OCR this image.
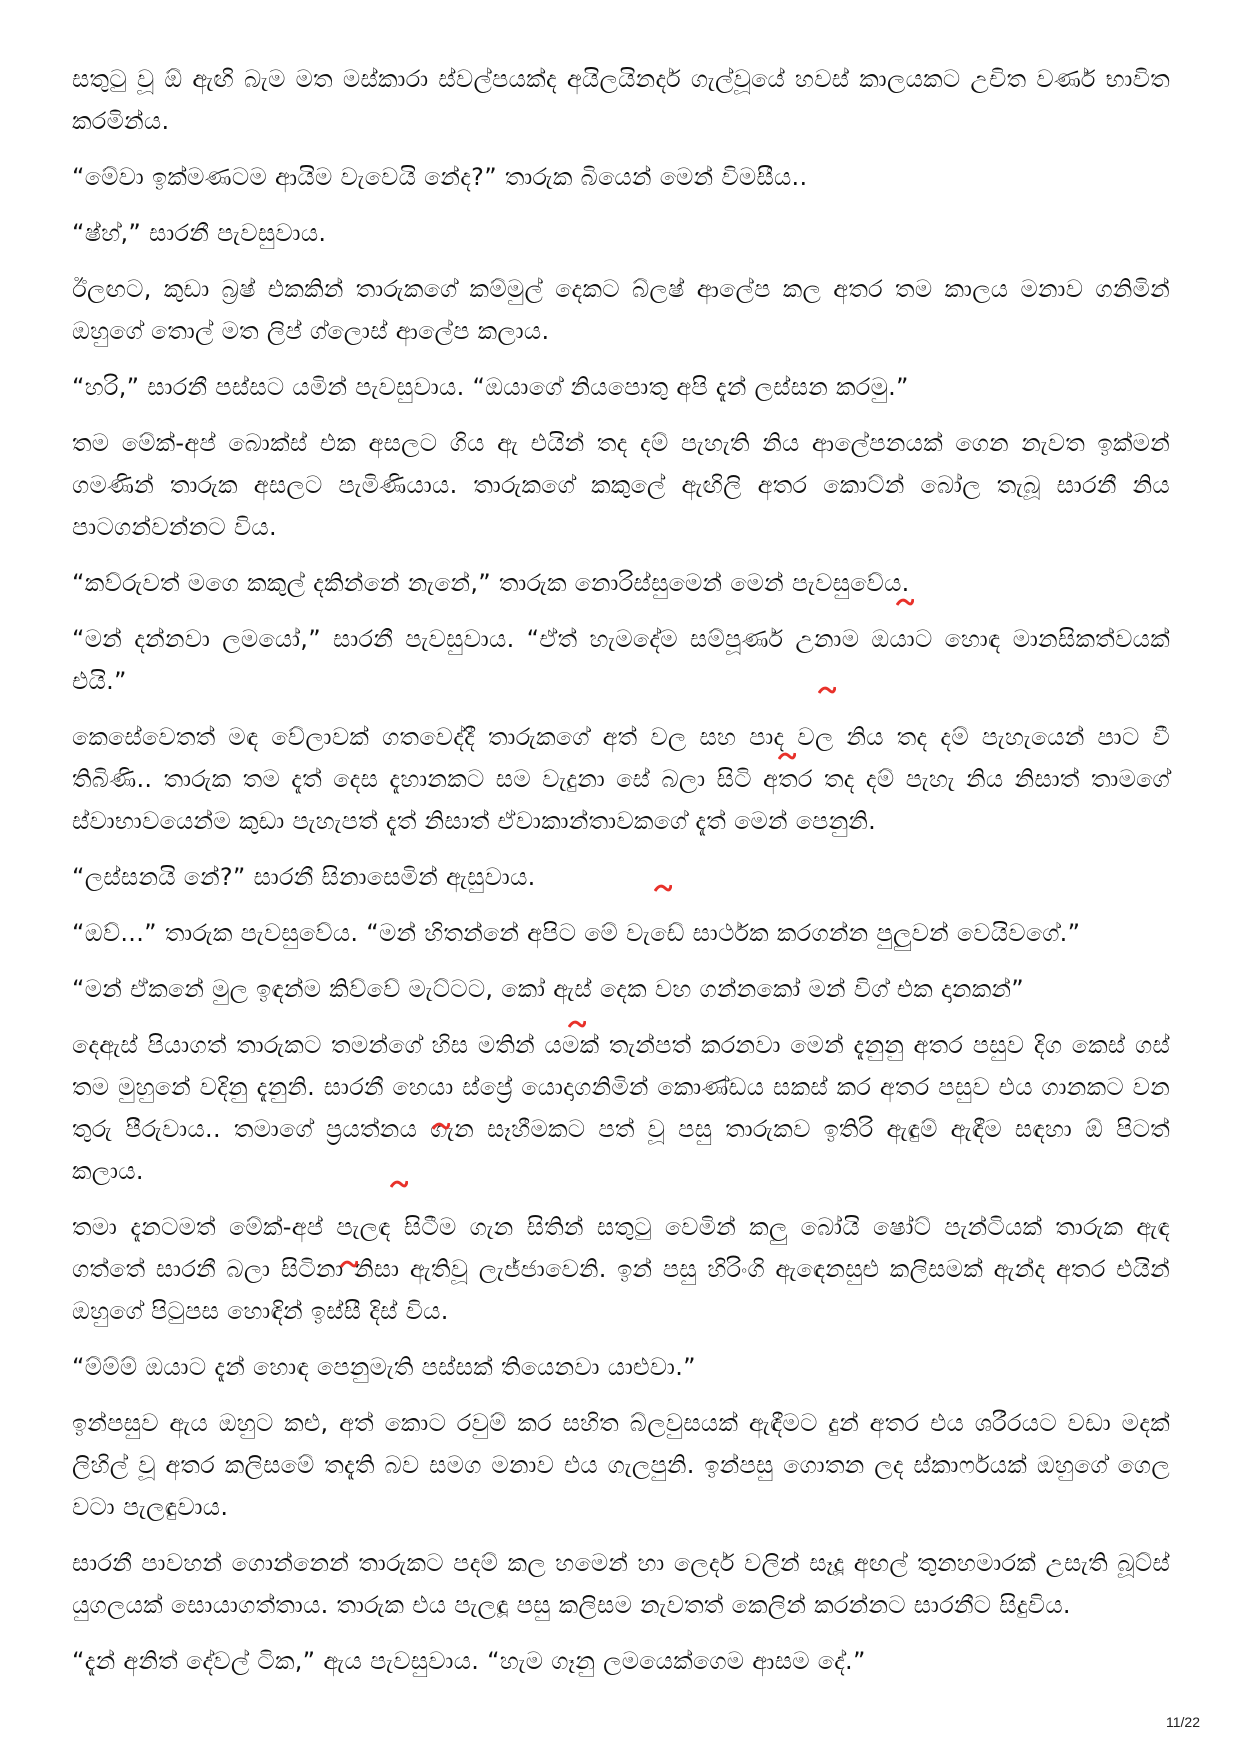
සතුටු වූ ඕ ඇඟි බැම මත මස්කාරා ස්වල්පයක්ද අයිලයිනර්ද ගැල්වූයේ හවස් කාලයකට උචිත වර්ණ භාවිත කරමින්ය.

“මේවා ඉක්මණටම ආයිම වැවෙයි නේද?” තාරුක බියෙන් මෙන් විමසීය..

“ෂ්හ්,” සාරනී පැවසුවාය.

ඊලඟට, කුඩා බ්‍රෂ් එකකින් තාරුකගේ කම්මුල් දෙකට බ්ලෂ් ආලේප කල අතර තම කාලය මනාව ගනිමින් ඔහුගේ තොල් මත ලිප් ග්ලොස් ආලේප කලාය.

“හරි,” සාරනී පස්සට යමින් පැවසුවාය. “ඔයාගේ නියපොතු අපි දැන් ලස්සන කරමු.”

තම මේක්-අප් බොක්ස් එක අසලට ගිය ඇ එයින් තද දම් පැහැති නිය ආලේපනයක් ගෙන නැවත ඉක්මන් ගමණින් තාරුක අසලට පැමිණියාය. තාරුකගේ කකුලේ ඇඟිලි අතර කොට්න් බෝල තැබූ සාරනී නිය පාටගන්වන්නට විය.

“කව්රුවත් මගෙ කකුල් දකින්නේ නැනේ,” තාරුක නොරිස්සුමෙන් මෙන් පැවසුවේය.

“මන් දන්නවා ලමයෝ,” සාරනී පැවසුවාය. “ඒත් හැමදේම සම්පූර්ණ උනාම ඔයාට හොඳ මානසිකත්වයක් එයි.”

කෙසේවෙතත් මඳ වේලාවක් ගතවෙද්දී තාරුකගේ අත් වල සහ පාද වල නිය තද දම් පැහැයෙන් පාට වී තිබිණි.. තාරුක තම දැත් දෙස දැහානකට සම වැදුනා සේ බලා සිටි අතර තද දම් පැහැ නිය නිසාත් තාමගේ ස්වාභාවයෙන්ම කුඩා පැහැපත් දැත් නිසාත් ඒවාකාන්තාවකගේ දැත් මෙන් පෙනුනි.

“ලස්සනයි නේ?” සාරනී සිනාසෙමින් ඇසුවාය.

“ඔව්...” තාරුක පැවසුවේය. “මන් හිතන්නේ අපිට මේ වැඩේ සාර්ථක කරගන්න පුලුවන් වෙයිවගේ.”

“මන් ඒකනේ මුල ඉඳන්ම කිව්වේ මැට්ටට, කෝ ඇස් දෙක වහ ගන්නකෝ මන් විග් එක දානකන්”

දෙඇස් පියාගත් තාරුකට තමන්ගේ හිස මතින් යමක් තැන්පත් කරනවා මෙන් දැනුනු අතර පසුව දිග කෙස් ගස් තම මුහුනේ වදිනු දැනුනි. සාරනී හෙයා ස්ප්‍රේ යොදාගනිමින් කොණ්ඩය සකස් කර අතර පසුව එය ගානකට වන තුරු පීරුවාය.. තමාගේ ප්‍රයත්නය ගැන සෑහීමකට පත් වූ පසු තාරුකව ඉතිරි ඇඳුම් ඇඳීම සඳහා ඕ පිටත් කලාය.

තමා දැනටමත් මේක්-අප් පැලඳ සිටීම ගැන සිතින් සතුටු වෙමින් කලු බෝයි ෂෝට් පැන්ටියක් තාරුක ඇඳ ගත්තේ සාරනී බලා සිටිනා නිසා ඇතිවූ ලැජ්ජාවෙනි. ඉන් පසු හිරිංගි ඇඳෙනසුළු කලිසමක් ඇන්ද අතර එයින් ඔහුගේ පිටුපස හොඳින් ඉස්සී දිස් විය.

“ම්ම්ම් ඔයාට දැන් හොඳ පෙනුමැති පස්සක් තියෙනවා යාළුවා.”

ඉන්පසුව ඇය ඔහුට කළු, අත් කොට රවුම් කර සහිත බ්ලවුසයක් ඇඳීමට දුන් අතර එය ශරීරයට වඩා මදක් ලිහිල් වූ අතර කලිසමේ තදැති බව සමග මනාව එය ගැලපුනි. ඉන්පසු ගොතන ලද ස්කාර්ෆයක් ඔහුගේ ගෙල වටා පැලඳුවාය.

සාරනී පාවහන් ගොන්නෙන් තාරුකට පදම් කල හමෙන් හා ලෙදර් වලින් සෑදූ අඟල් තුනහමාරක් උසැති බූට්ස් යුගලයක් සොයාගත්තාය. තාරුක එය පැලඳූ පසු කලිසම නැවතත් කෙලින් කරන්නට සාරනීට සිදුවිය.

“දැන් අනිත් දේවල් ටික,” ඇය පැවසුවාය. “හැම ගෑනු ලමයෙක්ගෙම ආසම දේ.”

11/22
